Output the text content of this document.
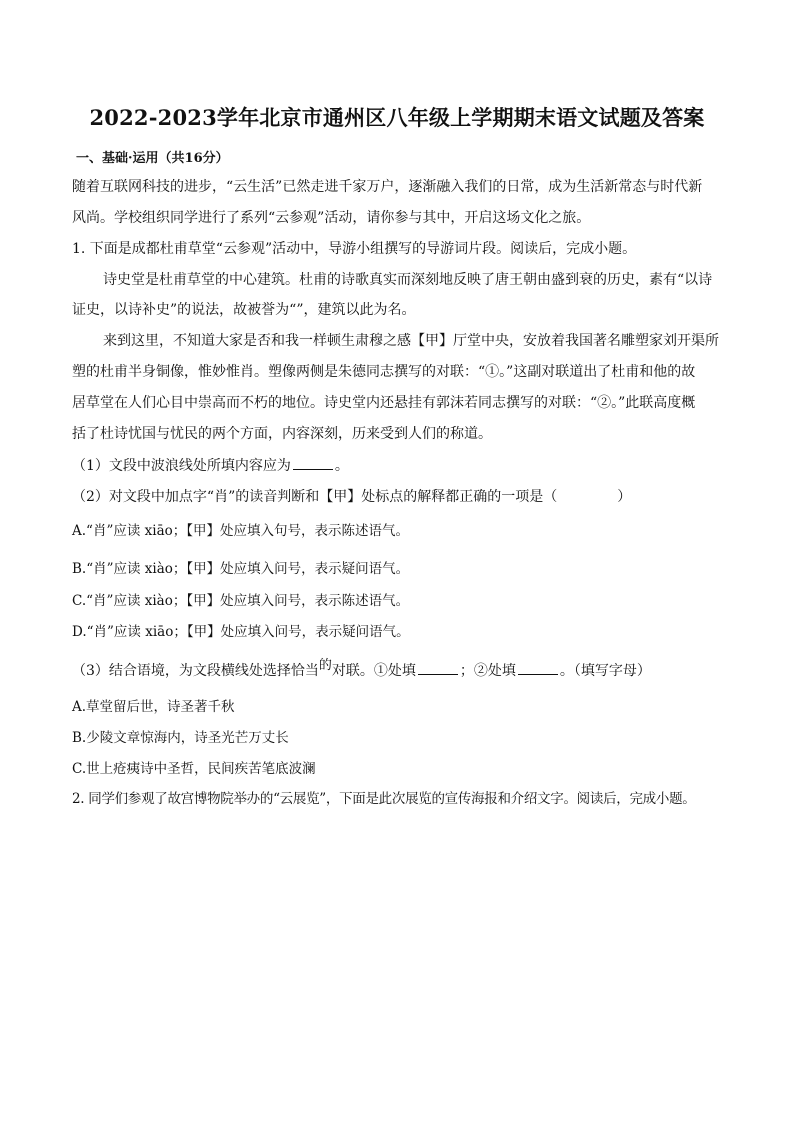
2022-2023学年北京市通州区八年级上学期期末语文试题及答案
一、基础·运用（共16分）
随着互联网科技的进步，“云生活”已然走进千家万户，逐渐融入我们的日常，成为生活新常态与时代新
风尚。学校组织同学进行了系列“云参观”活动，请你参与其中，开启这场文化之旅。
1. 下面是成都杜甫草堂“云参观”活动中，导游小组撰写的导游词片段。阅读后，完成小题。
诗史堂是杜甫草堂的中心建筑。杜甫的诗歌真实而深刻地反映了唐王朝由盛到衰的历史，素有“以诗
证史，以诗补史”的说法，故被誉为“”，建筑以此为名。
来到这里，不知道大家是否和我一样顿生肃穆之感【甲】厅堂中央，安放着我国著名雕塑家刘开渠所
塑的杜甫半身铜像，惟妙惟肖。塑像两侧是朱德同志撰写的对联：“①。”这副对联道出了杜甫和他的故
居草堂在人们心目中崇高而不朽的地位。诗史堂内还悬挂有郭沫若同志撰写的对联：“②。”此联高度概
括了杜诗忧国与忧民的两个方面，内容深刻，历来受到人们的称道。
（1）文段中波浪线处所填内容应为	。
（2）对文段中加点字“肖”的读音判断和【甲】处标点的解释都正确的一项是（	）
A.“肖”应读 xiāo；【甲】处应填入句号，表示陈述语气。
B.“肖”应读 xiào；【甲】处应填入问号，表示疑问语气。
C.“肖”应读 xiào；【甲】处应填入问号，表示陈述语气。
D.“肖”应读 xiāo；【甲】处应填入问号，表示疑问语气。
（3）结合语境，为文段横线处选择恰当的对联。①处填	；②处填	。（填写字母）
A.草堂留后世，诗圣著千秋
B.少陵文章惊海内，诗圣光芒万丈长
C.世上疮痍诗中圣哲，民间疾苦笔底波澜
2. 同学们参观了故宫博物院举办的“云展览”，下面是此次展览的宣传海报和介绍文字。阅读后，完成小题。
